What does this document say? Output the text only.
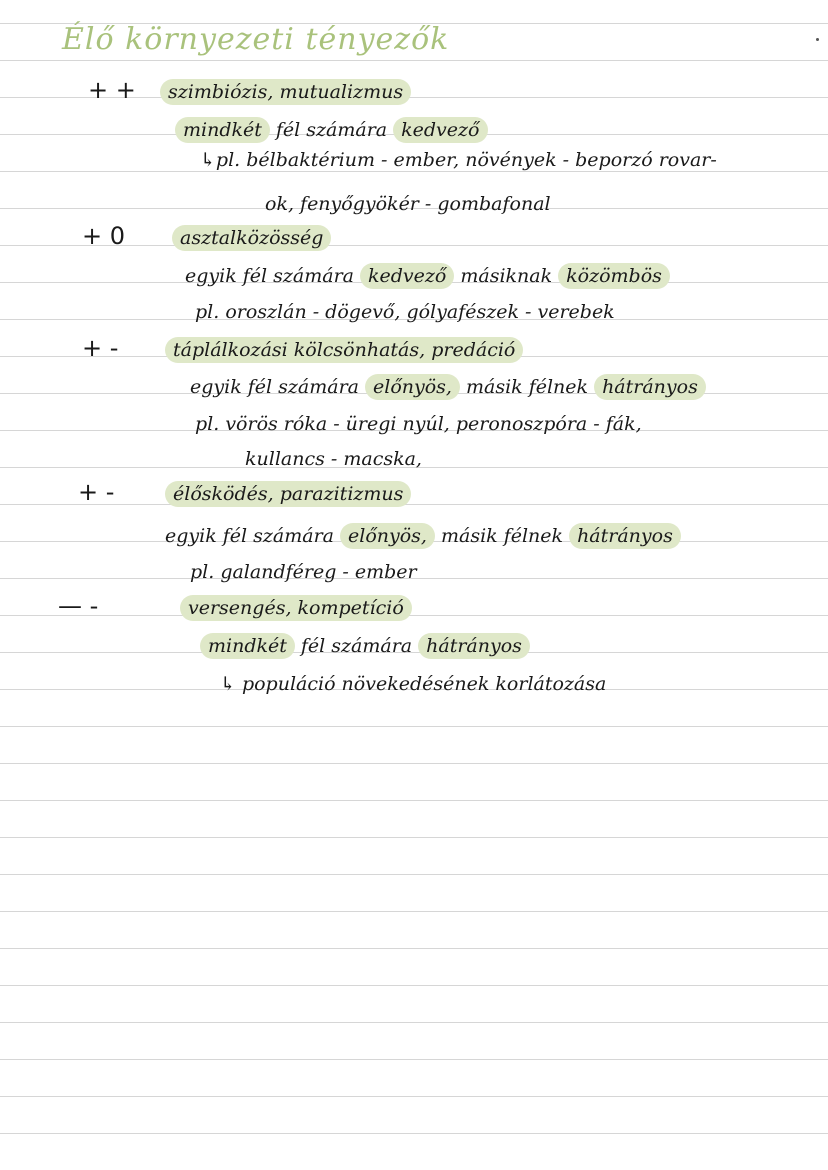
Élő környezeti tényezők
+ +	szimbiózis, mutualizmus
mindkét fél számára kedvező
↳pl. bélbaktérium - ember, növények - beporzó rovar-
ok, fenyőgyökér - gombafonal
+ 0	asztalközösség
egyik fél számára kedvező másiknak közömbös
pl. oroszlán - dögevő, gólyafészek - verebek
+ -	táplálkozási kölcsönhatás, predáció
egyik fél számára előnyös, másik félnek hátrányos
pl. vörös róka - üregi nyúl, peronoszpóra - fák,
kullancs - macska,
+ -	élősködés, parazitizmus
egyik fél számára előnyös, másik félnek hátrányos
pl. galandféreg - ember
— -	versengés, kompetíció
mindkét fél számára hátrányos
↳ populáció növekedésének korlátozása
